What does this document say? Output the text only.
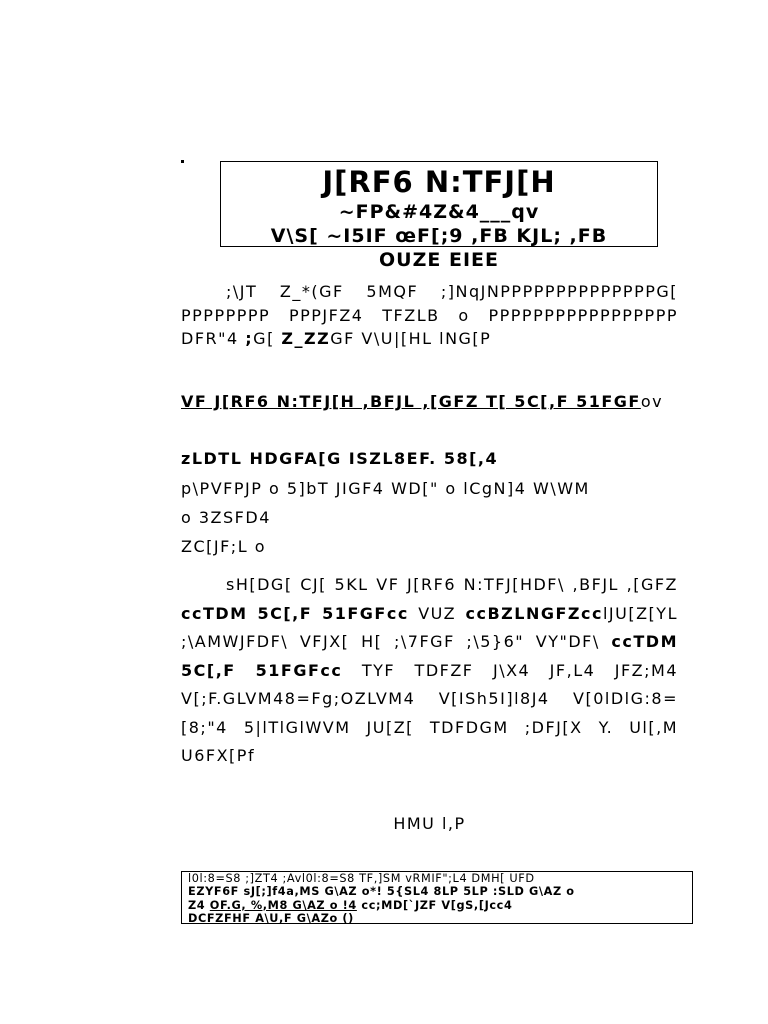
J[RF6 N:TFJ[H
~FP&#4Z&4___qv
V\S[ ~I5IF œF[;9 ,FB KJL; ,FB
OUZE EIEE
;\JT Z_*(GF 5MQF ;]NqJNPPPPPPPPPPPPPPG[ PPPPPPPP PPPJFZ4 TFZLB o PPPPPPPPPPPPPPPPP DFR"4 ;G[ Z_ZZGF V\U|[HL lNG[P
VF J[RF6 N:TFJ[H ,BFJL ,[GFZ T[ 5C[,F 51FGFov
zLDTL HDGFA[G ISZL8EF. 58[,4
p\PVFPJP o 5]bT JIGF4 WD[" o lCgN]4 W\WM
o 3ZSFD4
ZC[JF;L o
sH[DG[ CJ[ 5KL VF J[RF6 N:TFJ[HDF\ ,BFJL ,[GFZ ccTDM 5C[,F 51FGFcc VUZ ccBZLNGFZcclJU[Z[YL ;\AMWJFDF\ VFJX[ H[ ;\7FGF ;\5}6" VY"DF\ ccTDM 5C[,F 51FGFcc TYF TDFZF J\X4 JF,L4 JFZ;M4 V[;F.GLVM48=Fg;OZLVM4 V[ISh5I]l8J4 V[0lDlG:8=[8;"4 5|lTlGlWVM JU[Z[ TDFDGM ;DFJ[X Y. Ul[,M U6FX[Pf
HMU l,P
l0l:8=S8 ;]ZT4 ;Avl0l:8=S8 TF,]SM vRMIF";L4 DMH[ UFD
EZYF6F sJ[;]f4a,MS G\AZ o*! 5{SL4 8LP 5LP :SLD G\AZ o
Z4 OF.G, %,M8 G\AZ o !4 cc;MD[`JZF V[gS,[Jcc4
DCFZFHF A\U,F G\AZo ()
